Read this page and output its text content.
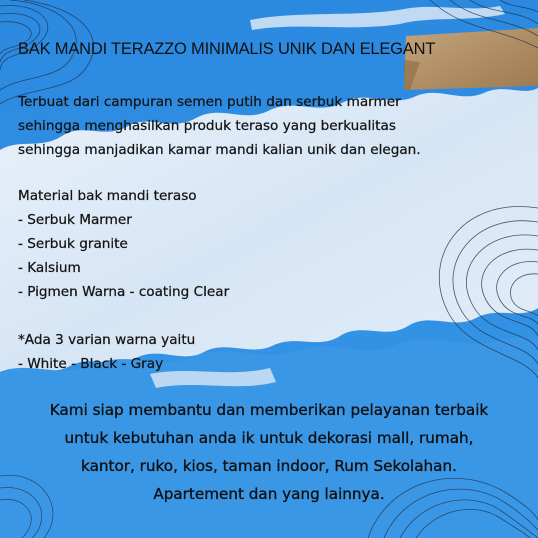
BAK MANDI TERAZZO MINIMALIS UNIK DAN ELEGANT
Terbuat dari campuran semen putih dan serbuk marmer
sehingga menghasilkan produk teraso yang berkualitas
sehingga manjadikan kamar mandi kalian unik dan elegan.
Material bak mandi teraso
- Serbuk Marmer
- Serbuk granite
- Kalsium
- Pigmen Warna - coating Clear
*Ada 3 varian warna yaitu
- White - Black - Gray
Kami siap membantu dan memberikan pelayanan terbaik
untuk kebutuhan anda ik untuk dekorasi mall, rumah,
kantor, ruko, kios, taman indoor, Rum Sekolahan.
Apartement dan yang lainnya.
